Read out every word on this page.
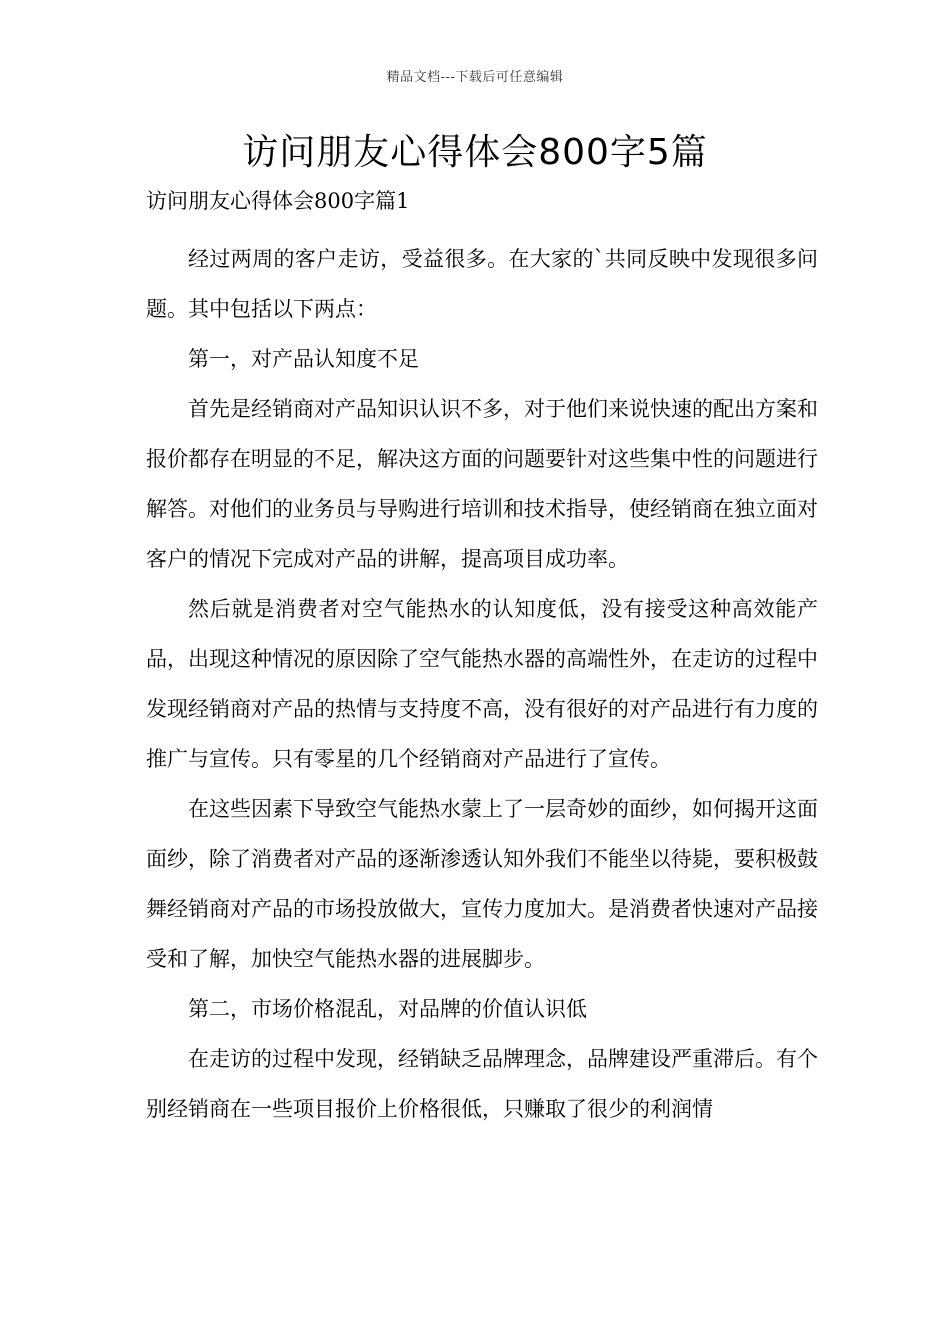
精品文档---下载后可任意编辑
访问朋友心得体会800字5篇
访问朋友心得体会800字篇1

经过两周的客户走访，受益很多。在大家的`共同反映中发现很多问题。其中包括以下两点：

第一，对产品认知度不足

首先是经销商对产品知识认识不多，对于他们来说快速的配出方案和报价都存在明显的不足，解决这方面的问题要针对这些集中性的问题进行解答。对他们的业务员与导购进行培训和技术指导，使经销商在独立面对客户的情况下完成对产品的讲解，提高项目成功率。

然后就是消费者对空气能热水的认知度低，没有接受这种高效能产品，出现这种情况的原因除了空气能热水器的高端性外，在走访的过程中发现经销商对产品的热情与支持度不高，没有很好的对产品进行有力度的推广与宣传。只有零星的几个经销商对产品进行了宣传。

在这些因素下导致空气能热水蒙上了一层奇妙的面纱，如何揭开这面面纱，除了消费者对产品的逐渐渗透认知外我们不能坐以待毙，要积极鼓舞经销商对产品的市场投放做大，宣传力度加大。是消费者快速对产品接受和了解，加快空气能热水器的进展脚步。

第二，市场价格混乱，对品牌的价值认识低

在走访的过程中发现，经销缺乏品牌理念，品牌建设严重滞后。有个别经销商在一些项目报价上价格很低，只赚取了很少的利润情
